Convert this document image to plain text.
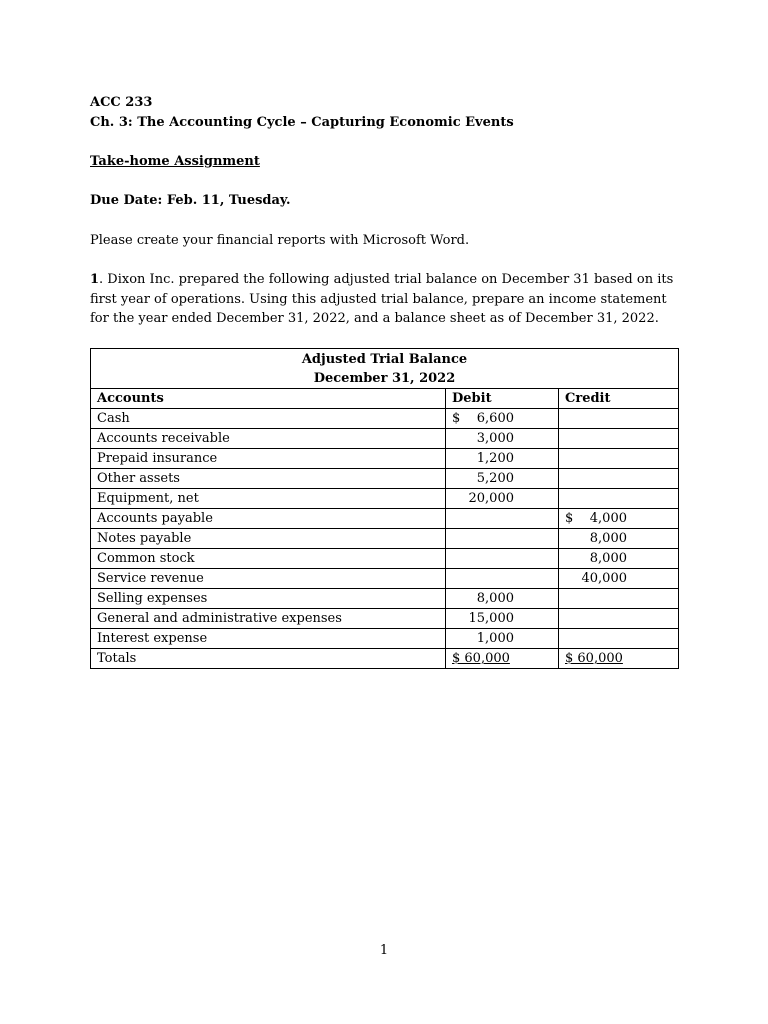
ACC 233
Ch. 3: The Accounting Cycle – Capturing Economic Events
Take-home Assignment
Due Date: Feb. 11, Tuesday.
Please create your financial reports with Microsoft Word.
1. Dixon Inc. prepared the following adjusted trial balance on December 31 based on its first year of operations. Using this adjusted trial balance, prepare an income statement for the year ended December 31, 2022, and a balance sheet as of December 31, 2022.
Adjusted Trial Balance
December 31, 2022		

Accounts	Debit	Credit
Cash	$ 6,600	
Accounts receivable	3,000	
Prepaid insurance	1,200	
Other assets	5,200	
Equipment, net	20,000	
Accounts payable		$ 4,000
Notes payable		8,000
Common stock		8,000
Service revenue		40,000
Selling expenses	8,000	
General and administrative expenses	15,000	
Interest expense	1,000	
Totals	$ 60,000	$ 60,000
1
